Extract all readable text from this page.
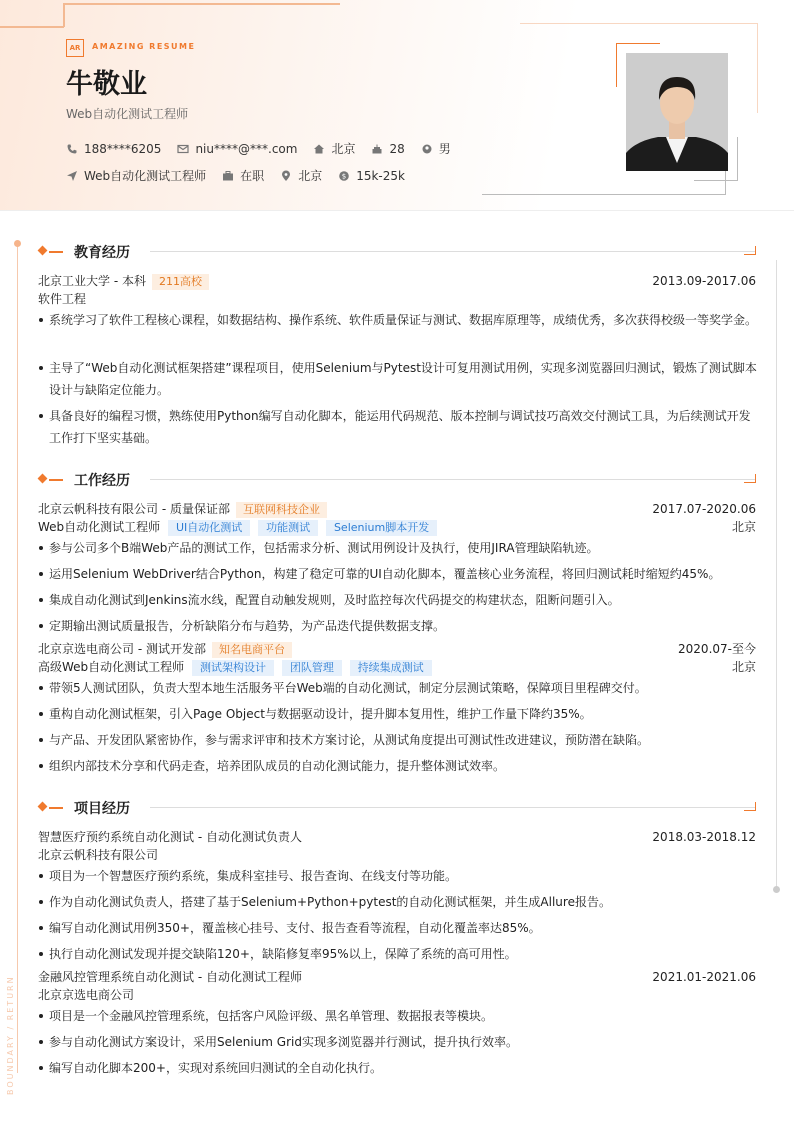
AR	AMAZING RESUME
牛敬业
Web自动化测试工程师
188****6205	niu****@***.com	北京	28	男
Web自动化测试工程师	在职	北京	$ 15k-25k
BOUNDARY / RETURN
教育经历
北京工业大学 - 本科 211高校	2013.09-2017.06
软件工程
系统学习了软件工程核心课程，如数据结构、操作系统、软件质量保证与测试、数据库原理等，成绩优秀，多次获得校级一等奖学金。
主导了“Web自动化测试框架搭建”课程项目，使用Selenium与Pytest设计可复用测试用例，实现多浏览器回归测试，锻炼了测试脚本设计与缺陷定位能力。
具备良好的编程习惯，熟练使用Python编写自动化脚本，能运用代码规范、版本控制与调试技巧高效交付测试工具，为后续测试开发工作打下坚实基础。
工作经历
北京云帆科技有限公司 - 质量保证部 互联网科技企业	2017.07-2020.06
Web自动化测试工程师 UI自动化测试 功能测试 Selenium脚本开发	北京
参与公司多个B端Web产品的测试工作，包括需求分析、测试用例设计及执行，使用JIRA管理缺陷轨迹。
运用Selenium WebDriver结合Python，构建了稳定可靠的UI自动化脚本，覆盖核心业务流程，将回归测试耗时缩短约45%。
集成自动化测试到Jenkins流水线，配置自动触发规则，及时监控每次代码提交的构建状态，阻断问题引入。
定期输出测试质量报告，分析缺陷分布与趋势，为产品迭代提供数据支撑。
北京京选电商公司 - 测试开发部 知名电商平台	2020.07-至今
高级Web自动化测试工程师 测试架构设计 团队管理 持续集成测试	北京
带领5人测试团队，负责大型本地生活服务平台Web端的自动化测试，制定分层测试策略，保障项目里程碑交付。
重构自动化测试框架，引入Page Object与数据驱动设计，提升脚本复用性，维护工作量下降约35%。
与产品、开发团队紧密协作，参与需求评审和技术方案讨论，从测试角度提出可测试性改进建议，预防潜在缺陷。
组织内部技术分享和代码走查，培养团队成员的自动化测试能力，提升整体测试效率。
项目经历
智慧医疗预约系统自动化测试 - 自动化测试负责人	2018.03-2018.12
北京云帆科技有限公司
项目为一个智慧医疗预约系统，集成科室挂号、报告查询、在线支付等功能。
作为自动化测试负责人，搭建了基于Selenium+Python+pytest的自动化测试框架，并生成Allure报告。
编写自动化测试用例350+，覆盖核心挂号、支付、报告查看等流程，自动化覆盖率达85%。
执行自动化测试发现并提交缺陷120+，缺陷修复率95%以上，保障了系统的高可用性。
金融风控管理系统自动化测试 - 自动化测试工程师	2021.01-2021.06
北京京选电商公司
项目是一个金融风控管理系统，包括客户风险评级、黑名单管理、数据报表等模块。
参与自动化测试方案设计，采用Selenium Grid实现多浏览器并行测试，提升执行效率。
编写自动化脚本200+，实现对系统回归测试的全自动化执行。
